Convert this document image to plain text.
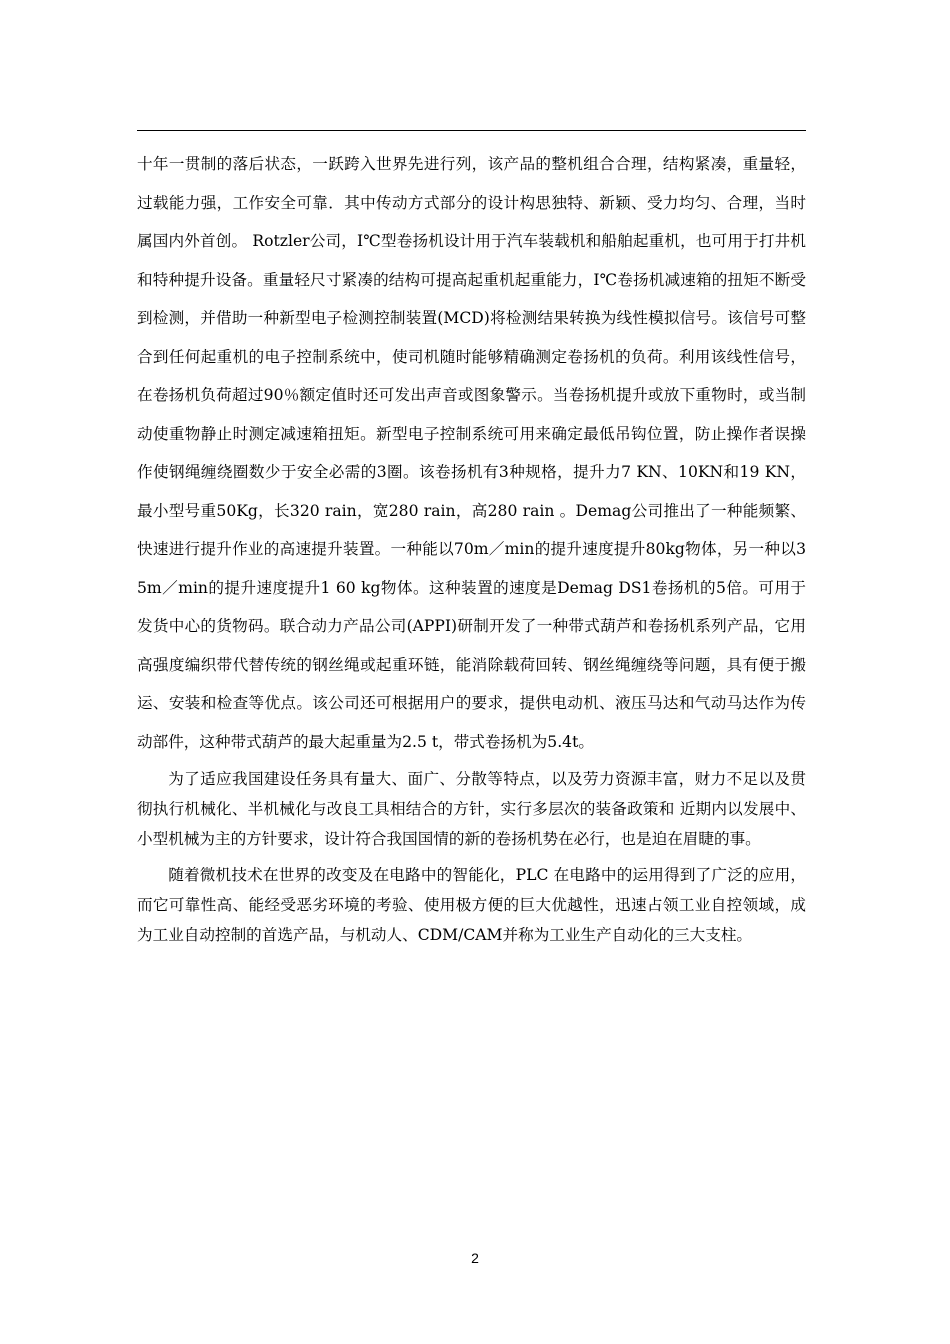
十年一贯制的落后状态，一跃跨入世界先进行列，该产品的整机组合合理，结构紧凑，重量轻，过载能力强，工作安全可靠．其中传动方式部分的设计构思独特、新颖、受力均匀、合理，当时属国内外首创。 Rotzler公司，I℃型卷扬机设计用于汽车装载机和船舶起重机，也可用于打井机和特种提升设备。重量轻尺寸紧凑的结构可提高起重机起重能力，I℃卷扬机减速箱的扭矩不断受到检测，并借助一种新型电子检测控制装置(MCD)将检测结果转换为线性模拟信号。该信号可整合到任何起重机的电子控制系统中，使司机随时能够精确测定卷扬机的负荷。利用该线性信号，在卷扬机负荷超过90％额定值时还可发出声音或图象警示。当卷扬机提升或放下重物时，或当制动使重物静止时测定减速箱扭矩。新型电子控制系统可用来确定最低吊钩位置，防止操作者误操作使钢绳缠绕圈数少于安全必需的3圈。该卷扬机有3种规格，提升力7 KN、10KN和19 KN，最小型号重50Kg，长320 rain，宽280 rain，高280 rain 。Demag公司推出了一种能频繁、快速进行提升作业的高速提升装置。一种能以70m／min的提升速度提升80kg物体，另一种以35m／min的提升速度提升1 60 kg物体。这种装置的速度是Demag DS1卷扬机的5倍。可用于发货中心的货物码。联合动力产品公司(APPI)研制开发了一种带式葫芦和卷扬机系列产品，它用高强度编织带代替传统的钢丝绳或起重环链，能消除载荷回转、钢丝绳缠绕等问题，具有便于搬运、安装和检查等优点。该公司还可根据用户的要求，提供电动机、液压马达和气动马达作为传动部件，这种带式葫芦的最大起重量为2.5 t，带式卷扬机为5.4t。

为了适应我国建设任务具有量大、面广、分散等特点，以及劳力资源丰富，财力不足以及贯彻执行机械化、半机械化与改良工具相结合的方针，实行多层次的装备政策和 近期内以发展中、小型机械为主的方针要求，设计符合我国国情的新的卷扬机势在必行，也是迫在眉睫的事。

随着微机技术在世界的改变及在电路中的智能化，PLC 在电路中的运用得到了广泛的应用，而它可靠性高、能经受恶劣环境的考验、使用极方便的巨大优越性，迅速占领工业自控领域，成为工业自动控制的首选产品，与机动人、CDM/CAM并称为工业生产自动化的三大支柱。

2
